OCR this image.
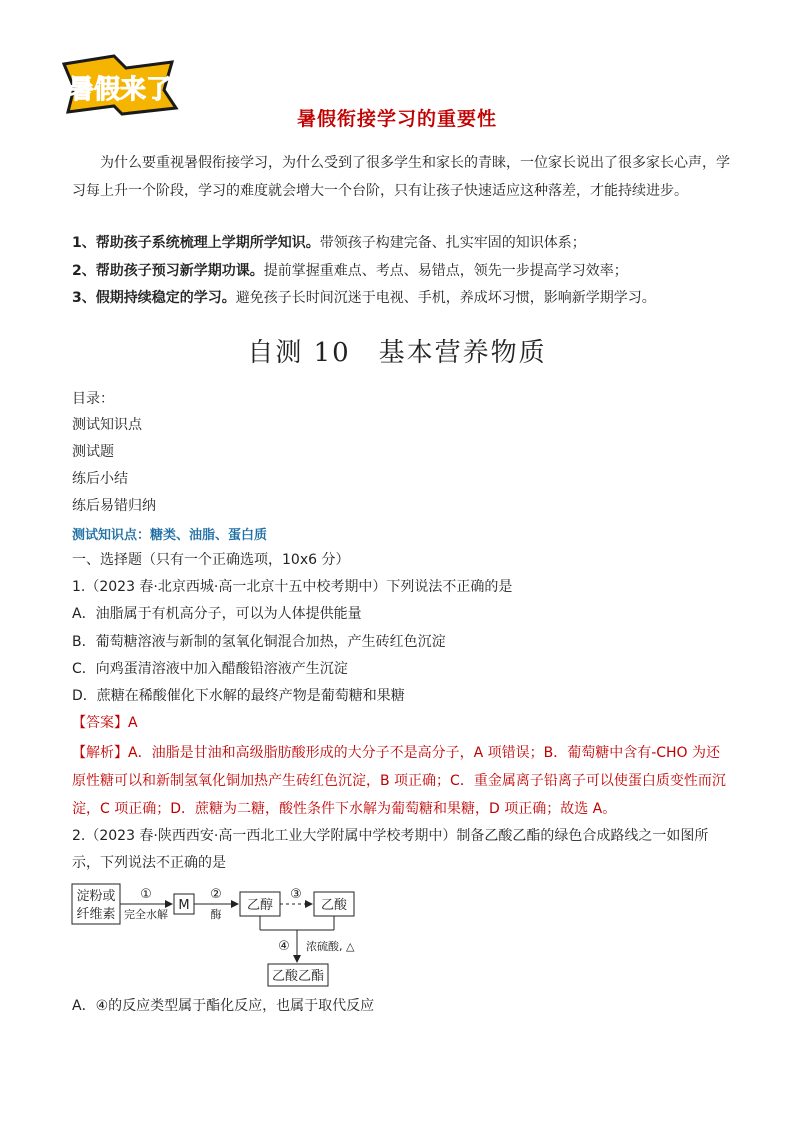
暑假来了
暑假衔接学习的重要性
为什么要重视暑假衔接学习，为什么受到了很多学生和家长的青睐，一位家长说出了很多家长心声，学习每上升一个阶段，学习的难度就会增大一个台阶，只有让孩子快速适应这种落差，才能持续进步。
1、帮助孩子系统梳理上学期所学知识。带领孩子构建完备、扎实牢固的知识体系；
2、帮助孩子预习新学期功课。提前掌握重难点、考点、易错点，领先一步提高学习效率；
3、假期持续稳定的学习。避免孩子长时间沉迷于电视、手机，养成坏习惯，影响新学期学习。
自测 10　基本营养物质
目录：
测试知识点
测试题
练后小结
练后易错归纳
测试知识点：糖类、油脂、蛋白质
一、选择题（只有一个正确选项，10x6 分）
1.（2023 春·北京西城·高一北京十五中校考期中）下列说法不正确的是
A．油脂属于有机高分子，可以为人体提供能量
B．葡萄糖溶液与新制的氢氧化铜混合加热，产生砖红色沉淀
C．向鸡蛋清溶液中加入醋酸铅溶液产生沉淀
D．蔗糖在稀酸催化下水解的最终产物是葡萄糖和果糖
【答案】A
【解析】A．油脂是甘油和高级脂肪酸形成的大分子不是高分子，A 项错误；B．葡萄糖中含有-CHO 为还原性糖可以和新制氢氧化铜加热产生砖红色沉淀，B 项正确；C．重金属离子铅离子可以使蛋白质变性而沉淀，C 项正确；D．蔗糖为二糖，酸性条件下水解为葡萄糖和果糖，D 项正确；故选 A。
2.（2023 春·陕西西安·高一西北工业大学附属中学校考期中）制备乙酸乙酯的绿色合成路线之一如图所示，下列说法不正确的是
淀粉或
纤维素
①
完全水解
M
②
酶
乙醇
③
乙酸
④ 浓硫酸, △
乙酸乙酯
A．④的反应类型属于酯化反应，也属于取代反应
